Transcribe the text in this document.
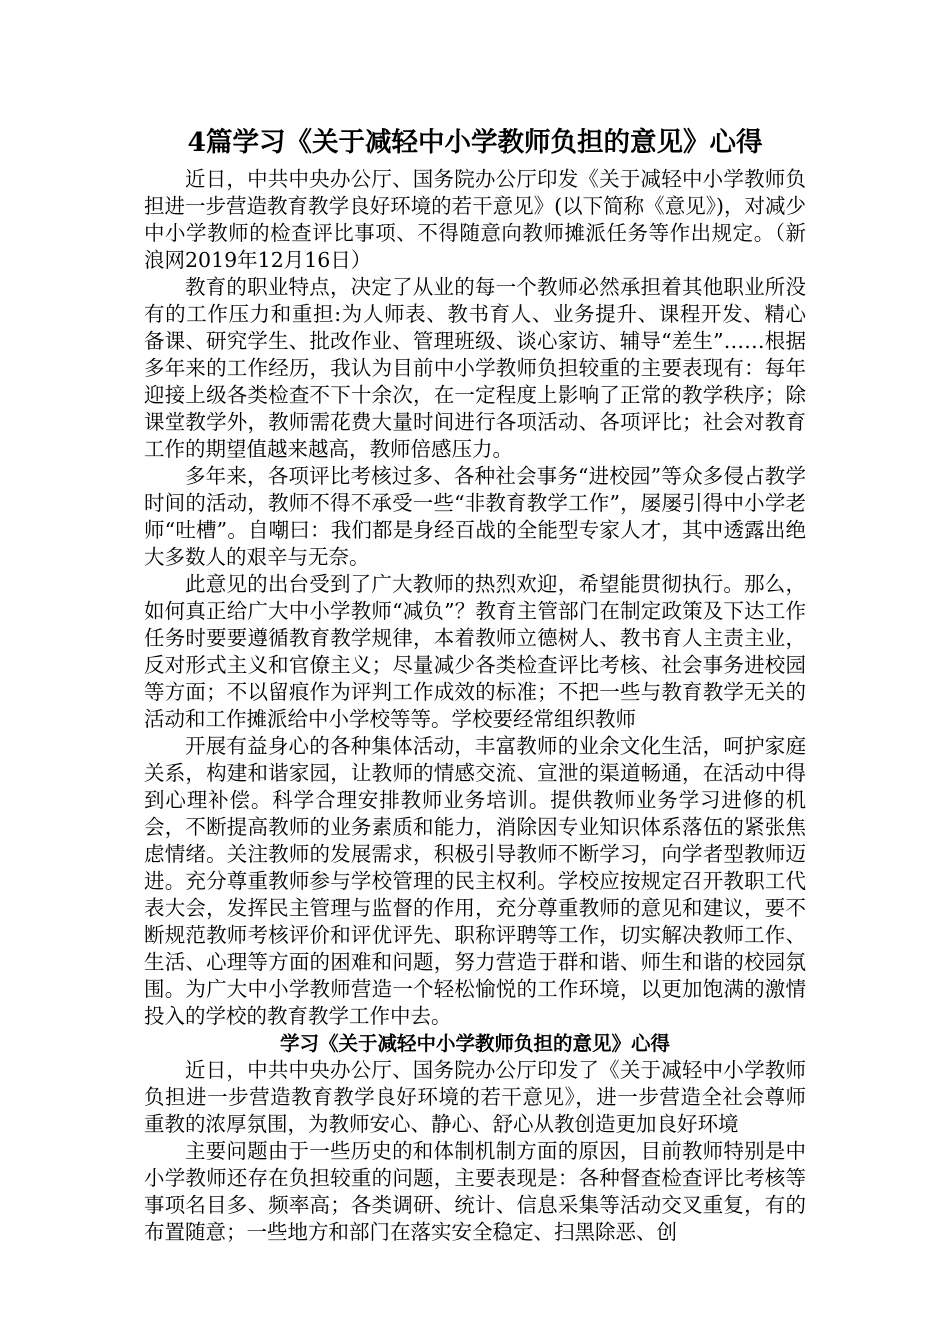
4篇学习《关于减轻中小学教师负担的意见》心得

近日，中共中央办公厅、国务院办公厅印发《关于减轻中小学教师负担进一步营造教育教学良好环境的若干意见》(以下简称《意见》)，对减少中小学教师的检查评比事项、不得随意向教师摊派任务等作出规定。（新浪网2019年12月16日）

教育的职业特点，决定了从业的每一个教师必然承担着其他职业所没有的工作压力和重担:为人师表、教书育人、业务提升、课程开发、精心备课、研究学生、批改作业、管理班级、谈心家访、辅导“差生”……根据多年来的工作经历，我认为目前中小学教师负担较重的主要表现有：每年迎接上级各类检查不下十余次，在一定程度上影响了正常的教学秩序；除课堂教学外，教师需花费大量时间进行各项活动、各项评比；社会对教育工作的期望值越来越高，教师倍感压力。

多年来，各项评比考核过多、各种社会事务“进校园”等众多侵占教学时间的活动，教师不得不承受一些“非教育教学工作”，屡屡引得中小学老师“吐槽”。自嘲曰：我们都是身经百战的全能型专家人才，其中透露出绝大多数人的艰辛与无奈。

此意见的出台受到了广大教师的热烈欢迎，希望能贯彻执行。那么，如何真正给广大中小学教师“减负”？教育主管部门在制定政策及下达工作任务时要要遵循教育教学规律，本着教师立德树人、教书育人主责主业，反对形式主义和官僚主义；尽量减少各类检查评比考核、社会事务进校园等方面；不以留痕作为评判工作成效的标准；不把一些与教育教学无关的活动和工作摊派给中小学校等等。学校要经常组织教师

开展有益身心的各种集体活动，丰富教师的业余文化生活，呵护家庭关系，构建和谐家园，让教师的情感交流、宣泄的渠道畅通，在活动中得到心理补偿。科学合理安排教师业务培训。提供教师业务学习进修的机会，不断提高教师的业务素质和能力，消除因专业知识体系落伍的紧张焦虑情绪。关注教师的发展需求，积极引导教师不断学习，向学者型教师迈进。充分尊重教师参与学校管理的民主权利。学校应按规定召开教职工代表大会，发挥民主管理与监督的作用，充分尊重教师的意见和建议，要不断规范教师考核评价和评优评先、职称评聘等工作，切实解决教师工作、生活、心理等方面的困难和问题，努力营造于群和谐、师生和谐的校园氛围。为广大中小学教师营造一个轻松愉悦的工作环境，以更加饱满的激情投入的学校的教育教学工作中去。

学习《关于减轻中小学教师负担的意见》心得

近日，中共中央办公厅、国务院办公厅印发了《关于减轻中小学教师负担进一步营造教育教学良好环境的若干意见》，进一步营造全社会尊师重教的浓厚氛围，为教师安心、静心、舒心从教创造更加良好环境

主要问题由于一些历史的和体制机制方面的原因，目前教师特别是中小学教师还存在负担较重的问题，主要表现是：各种督查检查评比考核等事项名目多、频率高；各类调研、统计、信息采集等活动交叉重复，有的布置随意；一些地方和部门在落实安全稳定、扫黑除恶、创
